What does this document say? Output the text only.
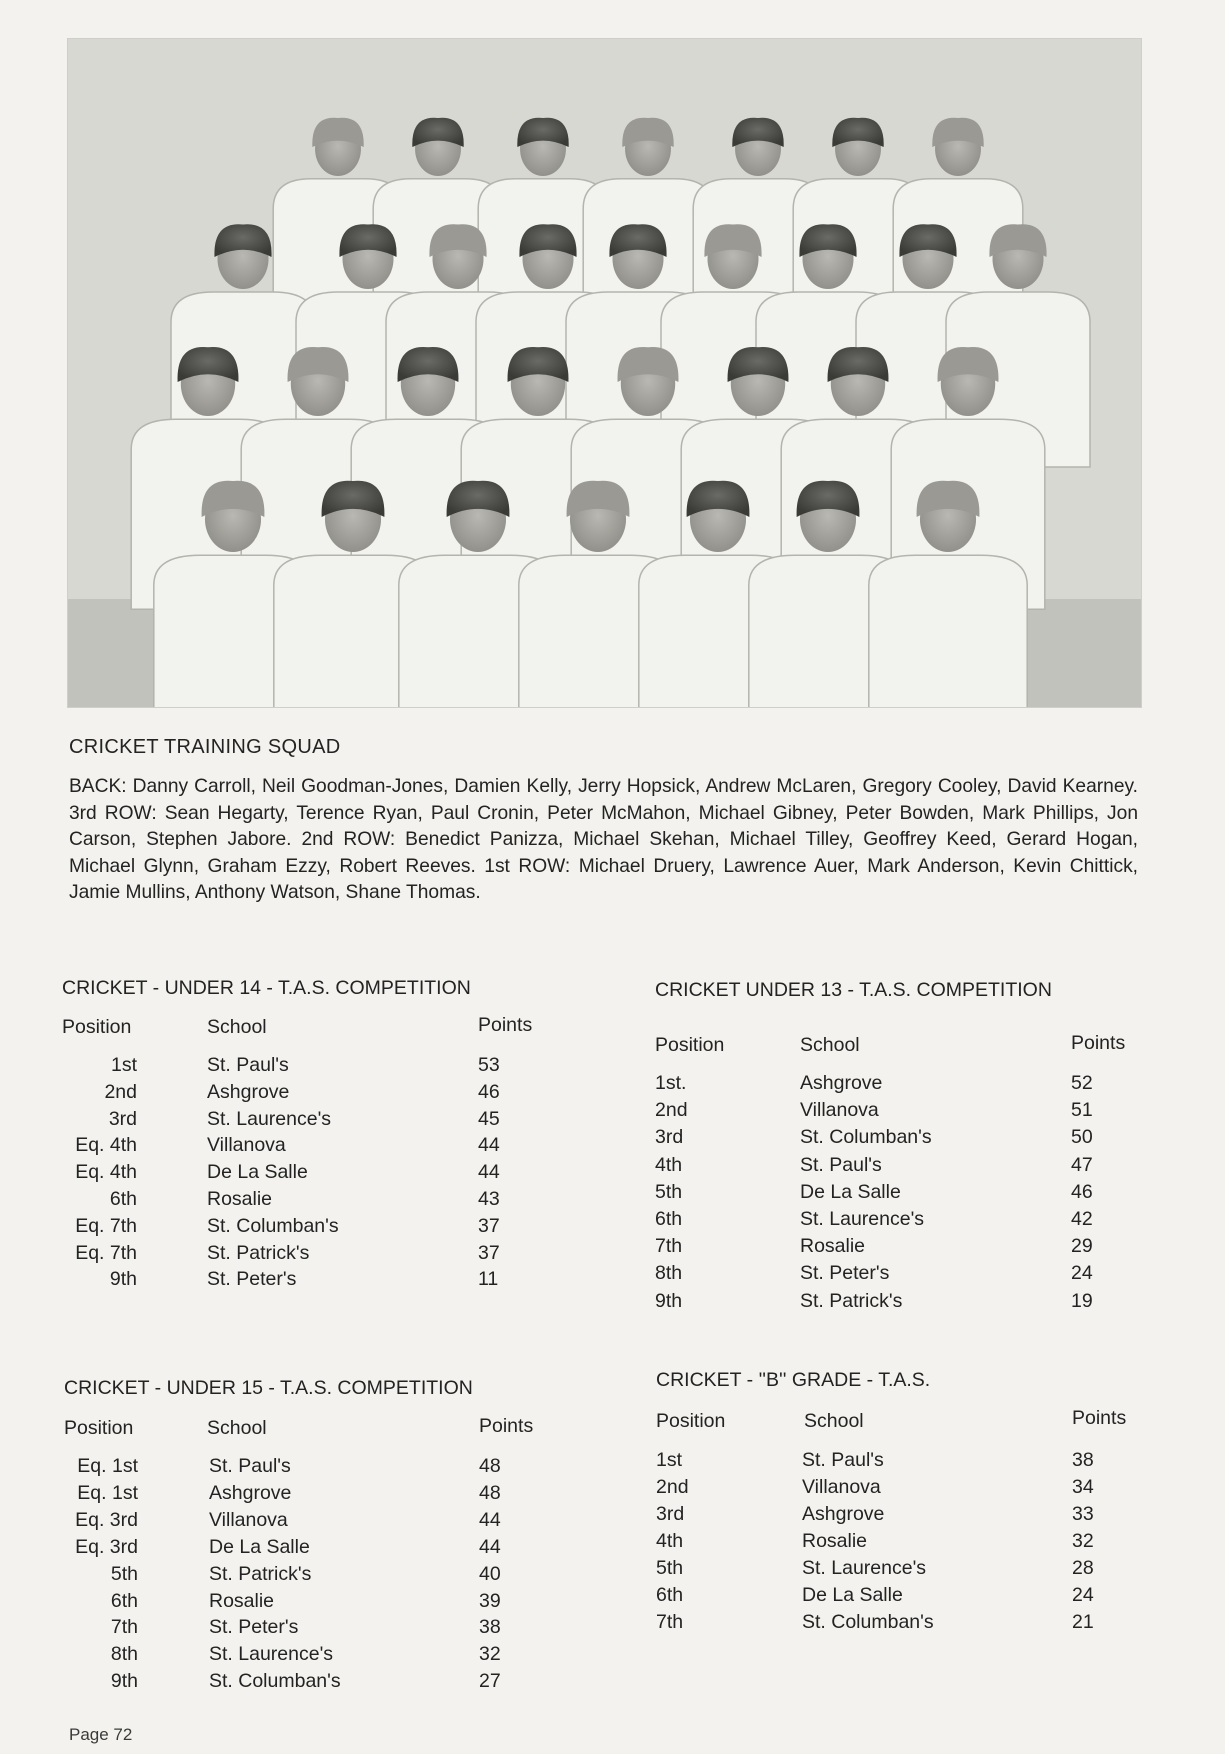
CRICKET TRAINING SQUAD
BACK: Danny Carroll, Neil Goodman-Jones, Damien Kelly, Jerry Hopsick, Andrew McLaren, Gregory Cooley, David Kearney. 3rd ROW: Sean Hegarty, Terence Ryan, Paul Cronin, Peter McMahon, Michael Gibney, Peter Bowden, Mark Phillips, Jon Carson, Stephen Jabore. 2nd ROW: Benedict Panizza, Michael Skehan, Michael Tilley, Geoffrey Keed, Gerard Hogan, Michael Glynn, Graham Ezzy, Robert Reeves. 1st ROW: Michael Druery, Lawrence Auer, Mark Anderson, Kevin Chittick, Jamie Mullins, Anthony Watson, Shane Thomas.
CRICKET - UNDER 14 - T.A.S. COMPETITION
Position	School	Points
1st	St. Paul's	53
2nd	Ashgrove	46
3rd	St. Laurence's	45
Eq. 4th	Villanova	44
Eq. 4th	De La Salle	44
6th	Rosalie	43
Eq. 7th	St. Columban's	37
Eq. 7th	St. Patrick's	37
9th	St. Peter's	11
CRICKET UNDER 13 - T.A.S. COMPETITION
Position	School	Points
1st.	Ashgrove	52
2nd	Villanova	51
3rd	St. Columban's	50
4th	St. Paul's	47
5th	De La Salle	46
6th	St. Laurence's	42
7th	Rosalie	29
8th	St. Peter's	24
9th	St. Patrick's	19
CRICKET - UNDER 15 - T.A.S. COMPETITION
Position	School	Points
Eq. 1st	St. Paul's	48
Eq. 1st	Ashgrove	48
Eq. 3rd	Villanova	44
Eq. 3rd	De La Salle	44
5th	St. Patrick's	40
6th	Rosalie	39
7th	St. Peter's	38
8th	St. Laurence's	32
9th	St. Columban's	27
CRICKET - ''B'' GRADE - T.A.S.
Position	School	Points
1st	St. Paul's	38
2nd	Villanova	34
3rd	Ashgrove	33
4th	Rosalie	32
5th	St. Laurence's	28
6th	De La Salle	24
7th	St. Columban's	21
Page 72
